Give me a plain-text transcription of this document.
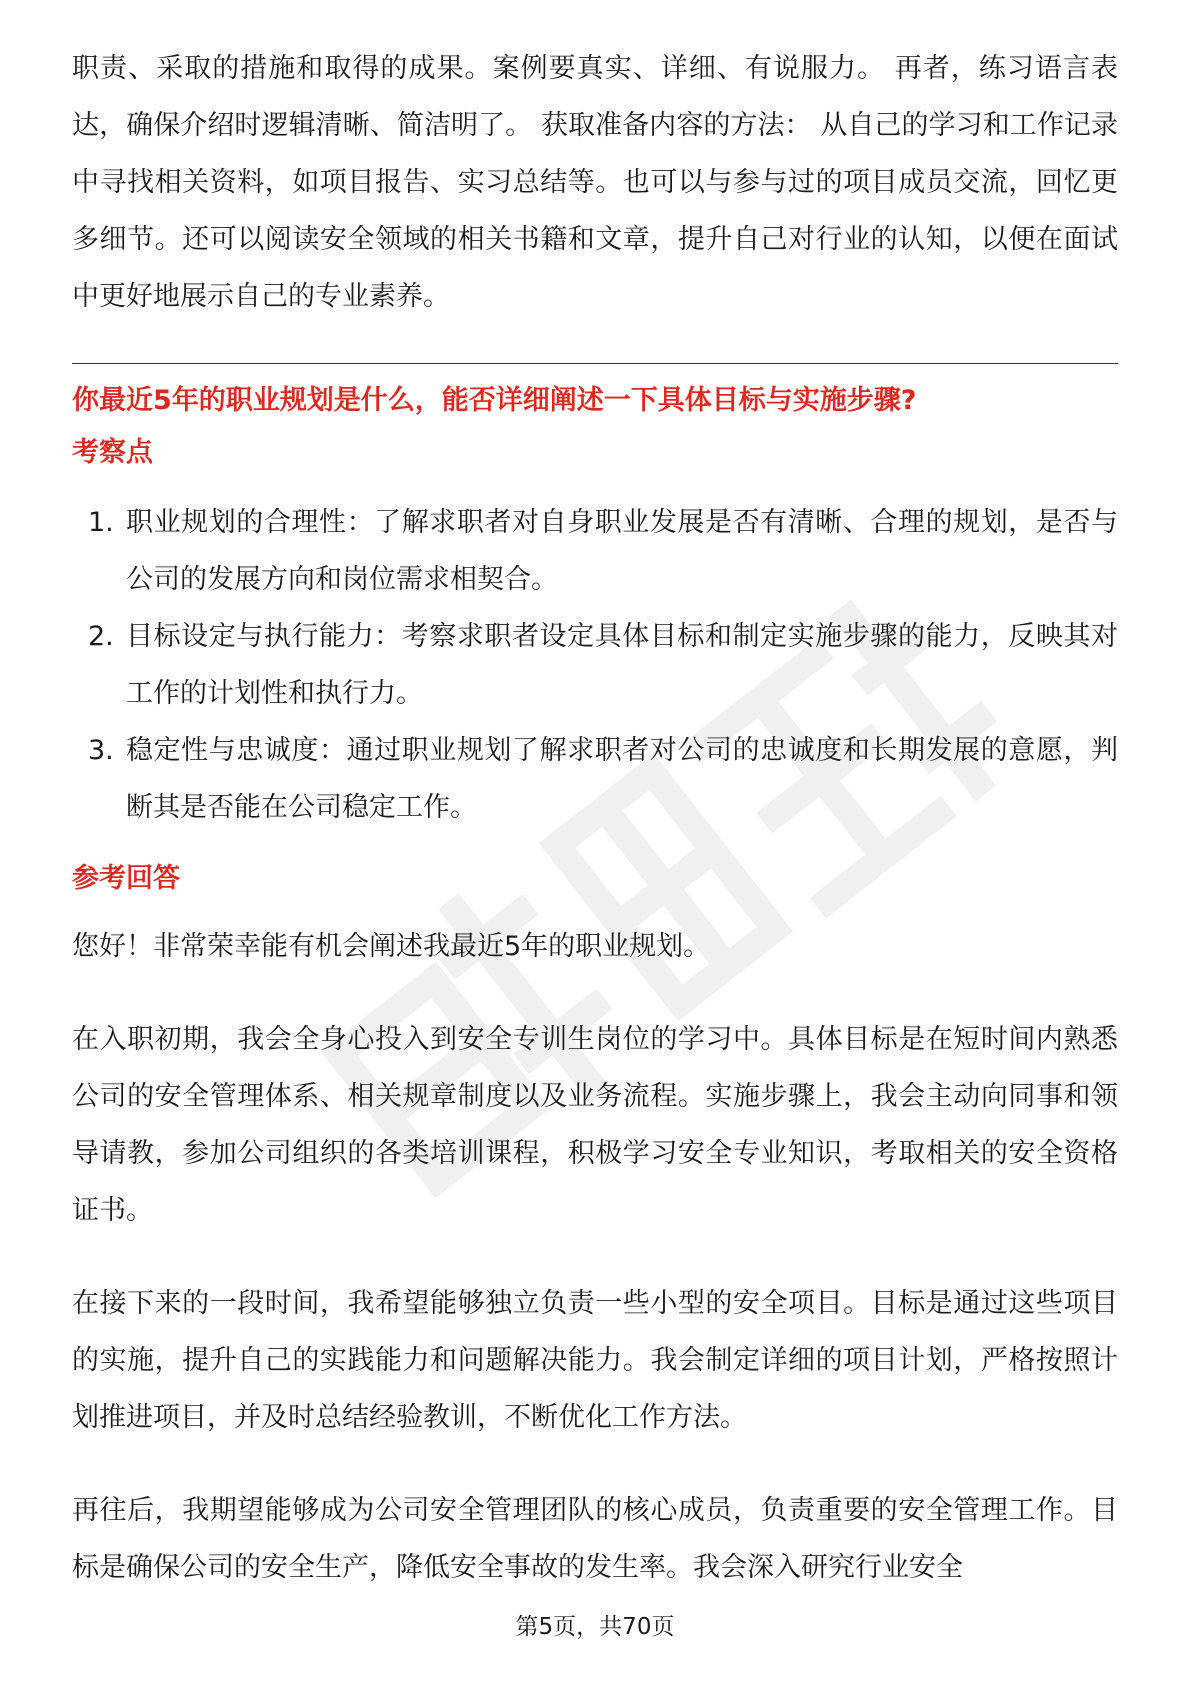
职责、采取的措施和取得的成果。案例要真实、详细、有说服力。 再者，练习语言表达，确保介绍时逻辑清晰、简洁明了。 获取准备内容的方法： 从自己的学习和工作记录中寻找相关资料，如项目报告、实习总结等。也可以与参与过的项目成员交流，回忆更多细节。还可以阅读安全领域的相关书籍和文章，提升自己对行业的认知，以便在面试中更好地展示自己的专业素养。

你最近5年的职业规划是什么，能否详细阐述一下具体目标与实施步骤?

考察点

1. 职业规划的合理性：了解求职者对自身职业发展是否有清晰、合理的规划，是否与公司的发展方向和岗位需求相契合。
2. 目标设定与执行能力：考察求职者设定具体目标和制定实施步骤的能力，反映其对工作的计划性和执行力。
3. 稳定性与忠诚度：通过职业规划了解求职者对公司的忠诚度和长期发展的意愿，判断其是否能在公司稳定工作。

参考回答

您好！非常荣幸能有机会阐述我最近5年的职业规划。

在入职初期，我会全身心投入到安全专训生岗位的学习中。具体目标是在短时间内熟悉公司的安全管理体系、相关规章制度以及业务流程。实施步骤上，我会主动向同事和领导请教，参加公司组织的各类培训课程，积极学习安全专业知识，考取相关的安全资格证书。

在接下来的一段时间，我希望能够独立负责一些小型的安全项目。目标是通过这些项目的实施，提升自己的实践能力和问题解决能力。我会制定详细的项目计划，严格按照计划推进项目，并及时总结经验教训，不断优化工作方法。

再往后，我期望能够成为公司安全管理团队的核心成员，负责重要的安全管理工作。目标是确保公司的安全生产，降低安全事故的发生率。我会深入研究行业安全

第5页，共70页
